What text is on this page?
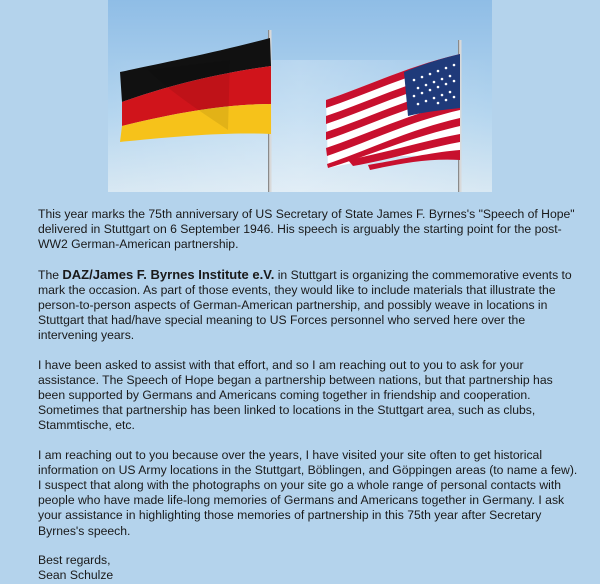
This year marks the 75th anniversary of US Secretary of State James F. Byrnes's "Speech of Hope" delivered in Stuttgart on 6 September 1946. His speech is arguably the starting point for the post-WW2 German-American partnership.

The DAZ/James F. Byrnes Institute e.V. in Stuttgart is organizing the commemorative events to mark the occasion. As part of those events, they would like to include materials that illustrate the person-to-person aspects of German-American partnership, and possibly weave in locations in Stuttgart that had/have special meaning to US Forces personnel who served here over the intervening years.

I have been asked to assist with that effort, and so I am reaching out to you to ask for your assistance. The Speech of Hope began a partnership between nations, but that partnership has been supported by Germans and Americans coming together in friendship and cooperation. Sometimes that partnership has been linked to locations in the Stuttgart area, such as clubs, Stammtische, etc.

I am reaching out to you because over the years, I have visited your site often to get historical information on US Army locations in the Stuttgart, Böblingen, and Göppingen areas (to name a few). I suspect that along with the photographs on your site go a whole range of personal contacts with people who have made life-long memories of Germans and Americans together in Germany. I ask your assistance in highlighting those memories of partnership in this 75th year after Secretary Byrnes's speech.

Best regards,

Sean Schulze
